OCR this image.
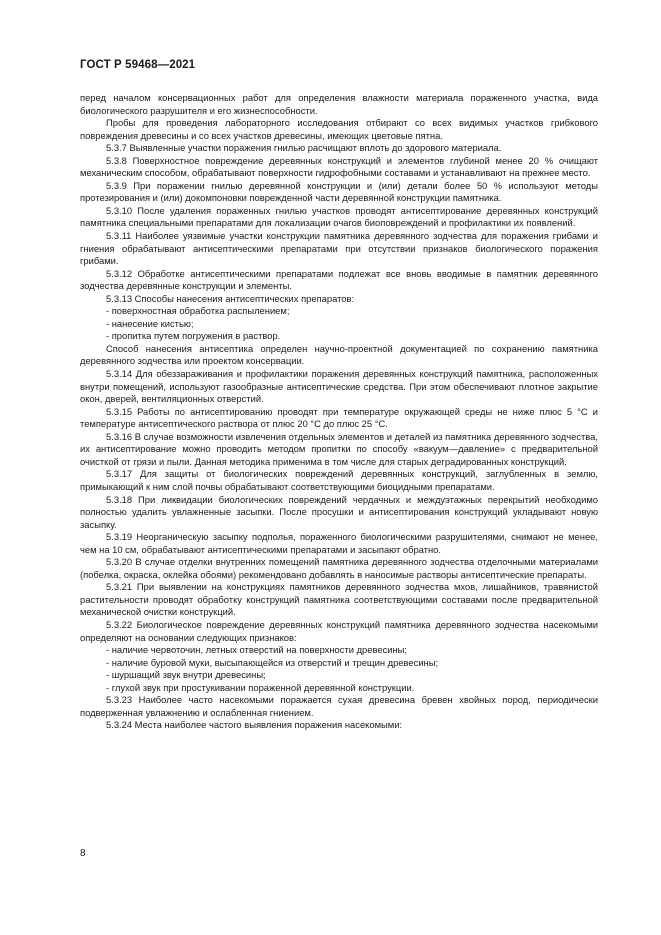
ГОСТ Р 59468—2021

перед началом консервационных работ для определения влажности материала пораженного участка, вида биологического разрушителя и его жизнеспособности.

Пробы для проведения лабораторного исследования отбирают со всех видимых участков грибкового повреждения древесины и со всех участков древесины, имеющих цветовые пятна.

5.3.7 Выявленные участки поражения гнилью расчищают вплоть до здорового материала.

5.3.8 Поверхностное повреждение деревянных конструкций и элементов глубиной менее 20 % очищают механическим способом, обрабатывают поверхности гидрофобными составами и устанавливают на прежнее место.

5.3.9 При поражении гнилью деревянной конструкции и (или) детали более 50 % используют методы протезирования и (или) докомпоновки поврежденной части деревянной конструкции памятника.

5.3.10 После удаления пораженных гнилью участков проводят антисептирование деревянных конструкций памятника специальными препаратами для локализации очагов биоповреждений и профилактики их появлений.

5.3.11 Наиболее уязвимые участки конструкции памятника деревянного зодчества для поражения грибами и гниения обрабатывают антисептическими препаратами при отсутствии признаков биологического поражения грибами.

5.3.12 Обработке антисептическими препаратами подлежат все вновь вводимые в памятник деревянного зодчества деревянные конструкции и элементы.

5.3.13 Способы нанесения антисептических препаратов:

- поверхностная обработка распылением;

- нанесение кистью;

- пропитка путем погружения в раствор.

Способ нанесения антисептика определен научно-проектной документацией по сохранению памятника деревянного зодчества или проектом консервации.

5.3.14 Для обеззараживания и профилактики поражения деревянных конструкций памятника, расположенных внутри помещений, используют газообразные антисептические средства. При этом обеспечивают плотное закрытие окон, дверей, вентиляционных отверстий.

5.3.15 Работы по антисептированию проводят при температуре окружающей среды не ниже плюс 5 °С и температуре антисептического раствора от плюс 20 °С до плюс 25 °С.

5.3.16 В случае возможности извлечения отдельных элементов и деталей из памятника деревянного зодчества, их антисептирование можно проводить методом пропитки по способу «вакуум—давление» с предварительной очисткой от грязи и пыли. Данная методика применима в том числе для старых деградированных конструкций.

5.3.17 Для защиты от биологических повреждений деревянных конструкций, заглубленных в землю, примыкающий к ним слой почвы обрабатывают соответствующими биоцидными препаратами.

5.3.18 При ликвидации биологических повреждений чердачных и междуэтажных перекрытий необходимо полностью удалить увлажненные засыпки. После просушки и антисептирования конструкций укладывают новую засыпку.

5.3.19 Неорганическую засыпку подполья, пораженного биологическими разрушителями, снимают не менее, чем на 10 см, обрабатывают антисептическими препаратами и засыпают обратно.

5.3.20 В случае отделки внутренних помещений памятника деревянного зодчества отделочными материалами (побелка, окраска, оклейка обоями) рекомендовано добавлять в наносимые растворы антисептические препараты.

5.3.21 При выявлении на конструкциях памятников деревянного зодчества мхов, лишайников, травянистой растительности проводят обработку конструкций памятника соответствующими составами после предварительной механической очистки конструкций.

5.3.22 Биологическое повреждение деревянных конструкций памятника деревянного зодчества насекомыми определяют на основании следующих признаков:

- наличие червоточин, летных отверстий на поверхности древесины;

- наличие буровой муки, высыпающейся из отверстий и трещин древесины;

- шуршащий звук внутри древесины;

- глухой звук при простукивании пораженной деревянной конструкции.

5.3.23 Наиболее часто насекомыми поражается сухая древесина бревен хвойных пород, периодически подверженная увлажнению и ослабленная гниением.

5.3.24 Места наиболее частого выявления поражения насекомыми:

8
